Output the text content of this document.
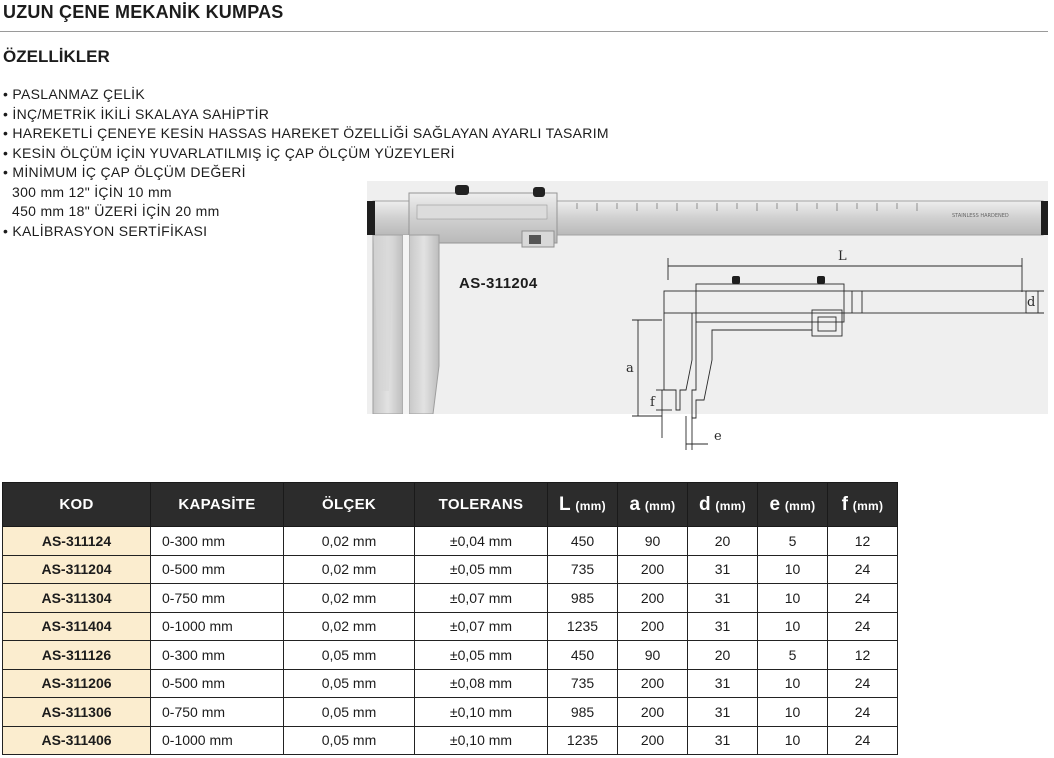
UZUN ÇENE MEKANİK KUMPAS
ÖZELLİKLER
• PASLANMAZ ÇELİK
• İNÇ/METRİK İKİLİ SKALAYA SAHİPTİR
• HAREKETLİ ÇENEYE KESİN HASSAS HAREKET ÖZELLİĞİ SAĞLAYAN AYARLI TASARIM
• KESİN ÖLÇÜM İÇİN YUVARLATILMIŞ İÇ ÇAP ÖLÇÜM YÜZEYLERİ
• MİNİMUM İÇ ÇAP ÖLÇÜM DEĞERİ
300 mm 12" İÇİN 10 mm
450 mm 18" ÜZERİ İÇİN 20 mm
• KALİBRASYON SERTİFİKASI
STAINLESS HARDENED
AS-311204
L
d
a
f
e
KOD	KAPASİTE	ÖLÇEK	TOLERANS	L (mm)	a (mm)	d (mm)	e (mm)	f (mm)
AS-311124	0-300 mm	0,02 mm	±0,04 mm	450	90	20	5	12
AS-311204	0-500 mm	0,02 mm	±0,05 mm	735	200	31	10	24
AS-311304	0-750 mm	0,02 mm	±0,07 mm	985	200	31	10	24
AS-311404	0-1000 mm	0,02 mm	±0,07 mm	1235	200	31	10	24
AS-311126	0-300 mm	0,05 mm	±0,05 mm	450	90	20	5	12
AS-311206	0-500 mm	0,05 mm	±0,08 mm	735	200	31	10	24
AS-311306	0-750 mm	0,05 mm	±0,10 mm	985	200	31	10	24
AS-311406	0-1000 mm	0,05 mm	±0,10 mm	1235	200	31	10	24
